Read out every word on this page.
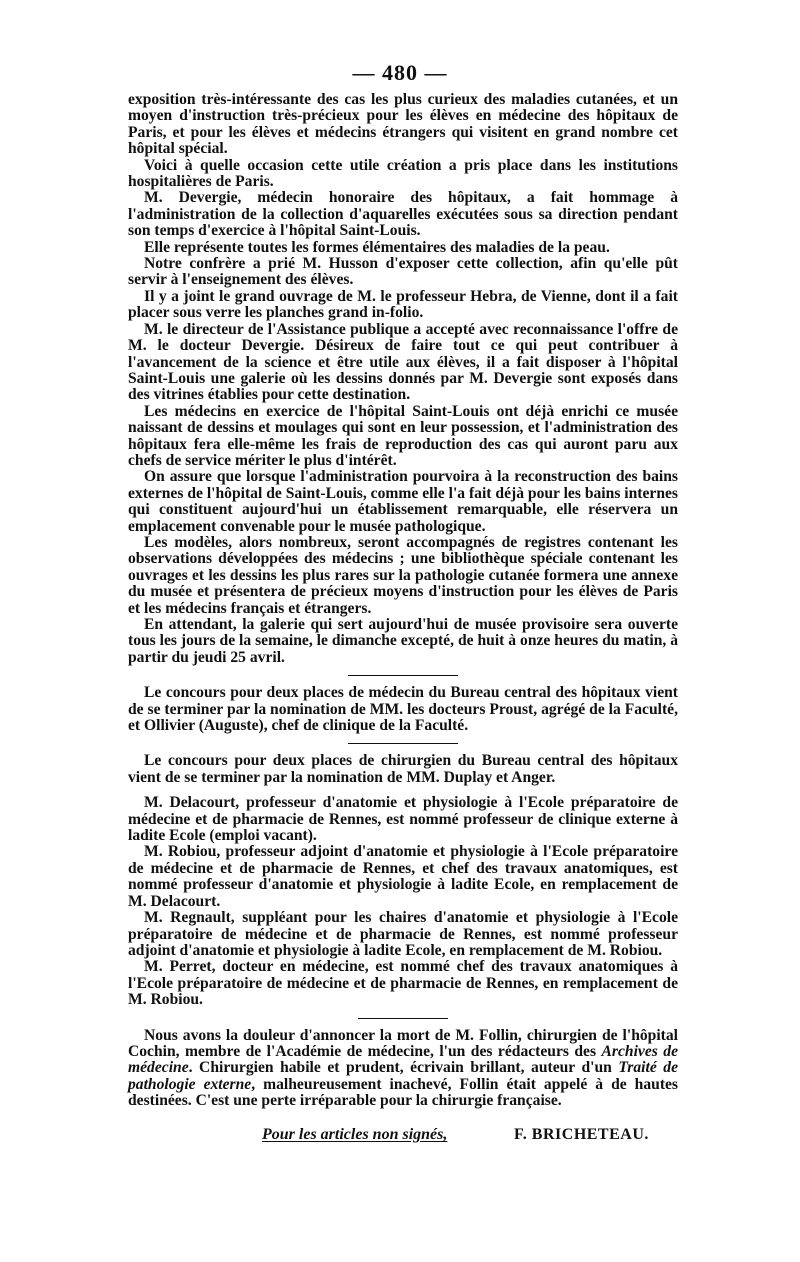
— 480 —

exposition très-intéressante des cas les plus curieux des maladies cutanées, et un moyen d'instruction très-précieux pour les élèves en médecine des hôpitaux de Paris, et pour les élèves et médecins étrangers qui visitent en grand nombre cet hôpital spécial.

Voici à quelle occasion cette utile création a pris place dans les institutions hospitalières de Paris.

M. Devergie, médecin honoraire des hôpitaux, a fait hommage à l'administration de la collection d'aquarelles exécutées sous sa direction pendant son temps d'exercice à l'hôpital Saint-Louis.

Elle représente toutes les formes élémentaires des maladies de la peau.

Notre confrère a prié M. Husson d'exposer cette collection, afin qu'elle pût servir à l'enseignement des élèves.

Il y a joint le grand ouvrage de M. le professeur Hebra, de Vienne, dont il a fait placer sous verre les planches grand in-folio.

M. le directeur de l'Assistance publique a accepté avec reconnaissance l'offre de M. le docteur Devergie. Désireux de faire tout ce qui peut contribuer à l'avancement de la science et être utile aux élèves, il a fait disposer à l'hôpital Saint-Louis une galerie où les dessins donnés par M. Devergie sont exposés dans des vitrines établies pour cette destination.

Les médecins en exercice de l'hôpital Saint-Louis ont déjà enrichi ce musée naissant de dessins et moulages qui sont en leur possession, et l'administration des hôpitaux fera elle-même les frais de reproduction des cas qui auront paru aux chefs de service mériter le plus d'intérêt.

On assure que lorsque l'administration pourvoira à la reconstruction des bains externes de l'hôpital de Saint-Louis, comme elle l'a fait déjà pour les bains internes qui constituent aujourd'hui un établissement remarquable, elle réservera un emplacement convenable pour le musée pathologique.

Les modèles, alors nombreux, seront accompagnés de registres contenant les observations développées des médecins ; une bibliothèque spéciale contenant les ouvrages et les dessins les plus rares sur la pathologie cutanée formera une annexe du musée et présentera de précieux moyens d'instruction pour les élèves de Paris et les médecins français et étrangers.

En attendant, la galerie qui sert aujourd'hui de musée provisoire sera ouverte tous les jours de la semaine, le dimanche excepté, de huit à onze heures du matin, à partir du jeudi 25 avril.

Le concours pour deux places de médecin du Bureau central des hôpitaux vient de se terminer par la nomination de MM. les docteurs Proust, agrégé de la Faculté, et Ollivier (Auguste), chef de clinique de la Faculté.

Le concours pour deux places de chirurgien du Bureau central des hôpitaux vient de se terminer par la nomination de MM. Duplay et Anger.

M. Delacourt, professeur d'anatomie et physiologie à l'Ecole préparatoire de médecine et de pharmacie de Rennes, est nommé professeur de clinique externe à ladite Ecole (emploi vacant).

M. Robiou, professeur adjoint d'anatomie et physiologie à l'Ecole préparatoire de médecine et de pharmacie de Rennes, et chef des travaux anatomiques, est nommé professeur d'anatomie et physiologie à ladite Ecole, en remplacement de M. Delacourt.

M. Regnault, suppléant pour les chaires d'anatomie et physiologie à l'Ecole préparatoire de médecine et de pharmacie de Rennes, est nommé professeur adjoint d'anatomie et physiologie à ladite Ecole, en remplacement de M. Robiou.

M. Perret, docteur en médecine, est nommé chef des travaux anatomiques à l'Ecole préparatoire de médecine et de pharmacie de Rennes, en remplacement de M. Robiou.

Nous avons la douleur d'annoncer la mort de M. Follin, chirurgien de l'hôpital Cochin, membre de l'Académie de médecine, l'un des rédacteurs des Archives de médecine. Chirurgien habile et prudent, écrivain brillant, auteur d'un Traité de pathologie externe, malheureusement inachevé, Follin était appelé à de hautes destinées. C'est une perte irréparable pour la chirurgie française.

Pour les articles non signés,	F. BRICHETEAU.
